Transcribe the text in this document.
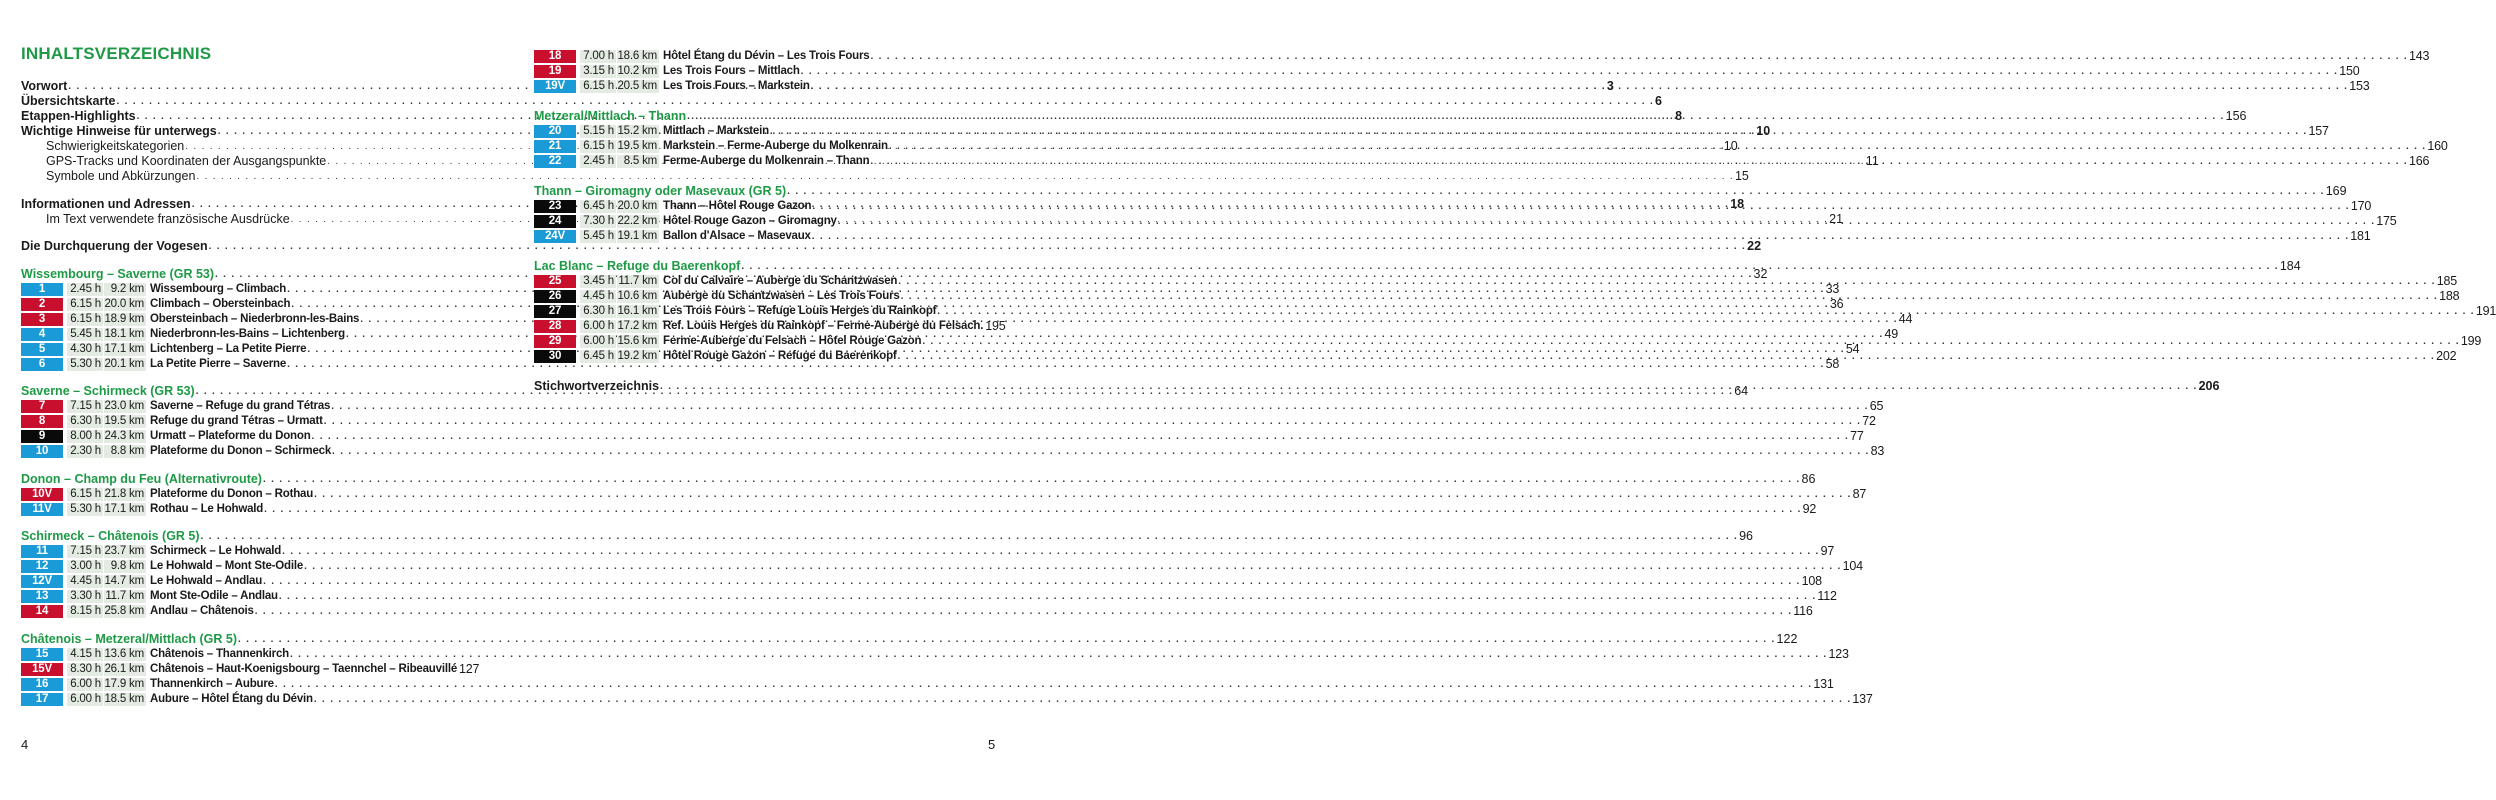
INHALTSVERZEICHNIS
Vorwort . . .	3
Übersichtskarte . . .	6
Etappen-Highlights . . .	8
Wichtige Hinweise für unterwegs . . .	10
Schwierigkeitskategorien . . .	10
GPS-Tracks und Koordinaten der Ausgangspunkte . . .	11
Symbole und Abkürzungen . . .	15
Informationen und Adressen . . .	18
Im Text verwendete französische Ausdrücke . . .	21
Die Durchquerung der Vogesen . . .	22
Wissembourg – Saverne (GR 53) . . .	32
1	2.45 h 9.2 km Wissembourg – Climbach . . .	33
2	6.15 h 20.0 km Climbach – Obersteinbach . . .	36
3	6.15 h 18.9 km Obersteinbach – Niederbronn-les-Bains . . .	44
4	5.45 h 18.1 km Niederbronn-les-Bains – Lichtenberg . . .	49
5	4.30 h 17.1 km Lichtenberg – La Petite Pierre . . .	54
6	5.30 h 20.1 km La Petite Pierre – Saverne . . .	58
Saverne – Schirmeck (GR 53) . . .	64
7	7.15 h 23.0 km Saverne – Refuge du grand Tétras . . .	65
8	6.30 h 19.5 km Refuge du grand Tétras – Urmatt . . .	72
9	8.00 h 24.3 km Urmatt – Plateforme du Donon . . .	77
10	2.30 h 8.8 km Plateforme du Donon – Schirmeck . . .	83
Donon – Champ du Feu (Alternativroute) . . .	86
10V	6.15 h 21.8 km Plateforme du Donon – Rothau . . .	87
11V	5.30 h 17.1 km Rothau – Le Hohwald . . .	92
Schirmeck – Châtenois (GR 5) . . .	96
11	7.15 h 23.7 km Schirmeck – Le Hohwald . . .	97
12	3.00 h 9.8 km Le Hohwald – Mont Ste-Odile . . .	104
12V	4.45 h 14.7 km Le Hohwald – Andlau . . .	108
13	3.30 h 11.7 km Mont Ste-Odile – Andlau . . .	112
14	8.15 h 25.8 km Andlau – Châtenois . . .	116
Châtenois – Metzeral/Mittlach (GR 5) . . .	122
15	4.15 h 13.6 km Châtenois – Thannenkirch . . .	123
15V	8.30 h 26.1 km Châtenois – Haut-Koenigsbourg – Taennchel – Ribeauvillé 127
16	6.00 h 17.9 km Thannenkirch – Aubure . . .	131
17	6.00 h 18.5 km Aubure – Hôtel Étang du Dévin . . .	137
4
18	7.00 h 18.6 km Hôtel Étang du Dévin – Les Trois Fours . . .	143
19	3.15 h 10.2 km Les Trois Fours – Mittlach . . .	150
19V	6.15 h 20.5 km Les Trois Fours – Markstein . . .	153
Metzeral/Mittlach – Thann . . .	156
20	5.15 h 15.2 km Mittlach – Markstein . . .	157
21	6.15 h 19.5 km Markstein – Ferme-Auberge du Molkenrain . . .	160
22	2.45 h 8.5 km Ferme-Auberge du Molkenrain – Thann . . .	166
Thann – Giromagny oder Masevaux (GR 5) . . .	169
23	6.45 h 20.0 km Thann – Hôtel Rouge Gazon . . .	170
24	7.30 h 22.2 km Hôtel Rouge Gazon – Giromagny . . .	175
24V	5.45 h 19.1 km Ballon d'Alsace – Masevaux . . .	181
Lac Blanc – Refuge du Baerenkopf . . .	184
25	3.45 h 11.7 km Col du Calvaire – Auberge du Schantzwasen . . .	185
26	4.45 h 10.6 km Auberge du Schantzwasen – Les Trois Fours . . .	188
27	6.30 h 16.1 km Les Trois Fours – Refuge Louis Herges du Rainkopf . . .	191
28	6.00 h 17.2 km Ref. Louis Herges du Rainkopf – Ferme-Auberge du Felsach. 195
29	6.00 h 15.6 km Ferme-Auberge du Felsach – Hôtel Rouge Gazon . . .	199
30	6.45 h 19.2 km Hôtel Rouge Gazon – Refuge du Baerenkopf . . .	202
Stichwortverzeichnis . . .	206
5
